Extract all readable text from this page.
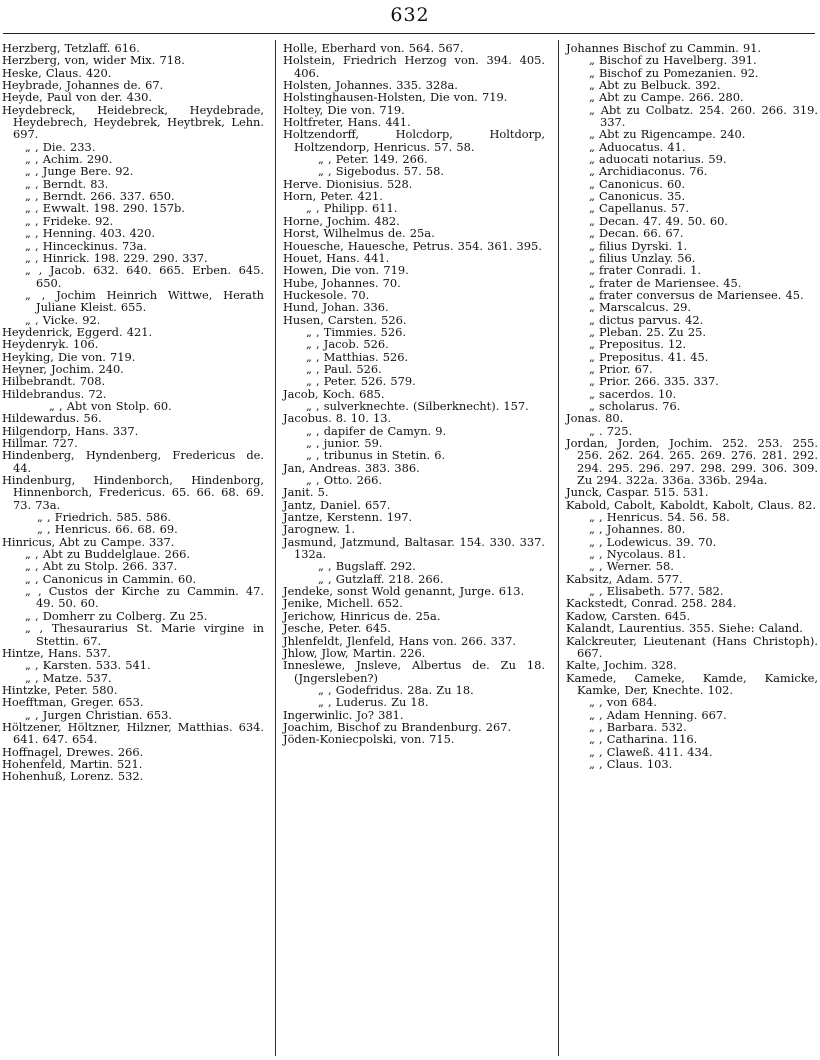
632

Herzberg, Tetzlaff. 616.

Herzberg, von, wider Mix. 718.

Heske, Claus. 420.

Heybrade, Johannes de. 67.

Heyde, Paul von der. 430.

Heydebreck, Heidebreck, Heydebrade, Heydebrech, Heydebrek, Heytbrek, Lehn. 697.

„ , Die. 233.

„ , Achim. 290.

„ , Junge Bere. 92.

„ , Berndt. 83.

„ , Berndt. 266. 337. 650.

„ , Ewwalt. 198. 290. 157b.

„ , Frideke. 92.

„ , Henning. 403. 420.

„ , Hinceckinus. 73a.

„ , Hinrick. 198. 229. 290. 337.

„ , Jacob. 632. 640. 665. Erben. 645. 650.

„ , Jochim Heinrich Wittwe, Herath Juliane Kleist. 655.

„ , Vicke. 92.

Heydenrick, Eggerd. 421.

Heydenryk. 106.

Heyking, Die von. 719.

Heyner, Jochim. 240.

Hilbebrandt. 708.

Hildebrandus. 72.

„ , Abt von Stolp. 60.

Hildewardus. 56.

Hilgendorp, Hans. 337.

Hillmar. 727.

Hindenberg, Hyndenberg, Fredericus de. 44.

Hindenburg, Hindenborch, Hindenborg, Hinnenborch, Fredericus. 65. 66. 68. 69. 73. 73a.

„ , Friedrich. 585. 586.

„ , Henricus. 66. 68. 69.

Hinricus, Abt zu Campe. 337.

„ , Abt zu Buddelglaue. 266.

„ , Abt zu Stolp. 266. 337.

„ , Canonicus in Cammin. 60.

„ , Custos der Kirche zu Cammin. 47. 49. 50. 60.

„ , Domherr zu Colberg. Zu 25.

„ , Thesaurarius St. Marie virgine in Stettin. 67.

Hintze, Hans. 537.

„ , Karsten. 533. 541.

„ , Matze. 537.

Hintzke, Peter. 580.

Hoefftman, Greger. 653.

„ , Jurgen Christian. 653.

Höltzener, Höltzner, Hilzner, Matthias. 634. 641. 647. 654.

Hoffnagel, Drewes. 266.

Hohenfeld, Martin. 521.

Hohenhuß, Lorenz. 532.

Holle, Eberhard von. 564. 567.

Holstein, Friedrich Herzog von. 394. 405. 406.

Holsten, Johannes. 335. 328a.

Holstinghausen-Holsten, Die von. 719.

Holtey, Die von. 719.

Holtfreter, Hans. 441.

Holtzendorff, Holcdorp, Holtdorp, Holtzendorp, Henricus. 57. 58.

„ , Peter. 149. 266.

„ , Sigebodus. 57. 58.

Herve. Dionisius. 528.

Horn, Peter. 421.

„ , Philipp. 611.

Horne, Jochim. 482.

Horst, Wilhelmus de. 25a.

Houesche, Hauesche, Petrus. 354. 361. 395.

Houet, Hans. 441.

Howen, Die von. 719.

Hube, Johannes. 70.

Huckesole. 70.

Hund, Johan. 336.

Husen, Carsten. 526.

„ , Timmies. 526.

„ , Jacob. 526.

„ , Matthias. 526.

„ , Paul. 526.

„ , Peter. 526. 579.

Jacob, Koch. 685.

„ , sulverknechte. (Silberknecht). 157.

Jacobus. 8. 10. 13.

„ , dapifer de Camyn. 9.

„ , junior. 59.

„ , tribunus in Stetin. 6.

Jan, Andreas. 383. 386.

„ , Otto. 266.

Janit. 5.

Jantz, Daniel. 657.

Jantze, Kerstenn. 197.

Jarognew. 1.

Jasmund, Jatzmund, Baltasar. 154. 330. 337. 132a.

„ , Bugslaff. 292.

„ , Gutzlaff. 218. 266.

Jendeke, sonst Wold genannt, Jurge. 613.

Jenike, Michell. 652.

Jerichow, Hinricus de. 25a.

Jesche, Peter. 645.

Jhlenfeldt, Jlenfeld, Hans von. 266. 337.

Jhlow, Jlow, Martin. 226.

Inneslewe, Jnsleve, Albertus de. Zu 18. (Jngersleben?)

„ , Godefridus. 28a. Zu 18.

„ , Luderus. Zu 18.

Ingerwinlic. Jo? 381.

Joachim, Bischof zu Brandenburg. 267.

Jöden-Koniecpolski, von. 715.

Johannes Bischof zu Cammin. 91.

„ Bischof zu Havelberg. 391.

„ Bischof zu Pomezanien. 92.

„ Abt zu Belbuck. 392.

„ Abt zu Campe. 266. 280.

„ Abt zu Colbatz. 254. 260. 266. 319. 337.

„ Abt zu Rigencampe. 240.

„ Aduocatus. 41.

„ aduocati notarius. 59.

„ Archidiaconus. 76.

„ Canonicus. 60.

„ Canonicus. 35.

„ Capellanus. 57.

„ Decan. 47. 49. 50. 60.

„ Decan. 66. 67.

„ filius Dyrski. 1.

„ filius Unzlay. 56.

„ frater Conradi. 1.

„ frater de Mariensee. 45.

„ frater conversus de Mariensee. 45.

„ Marscalcus. 29.

„ dictus parvus. 42.

„ Pleban. 25. Zu 25.

„ Prepositus. 12.

„ Prepositus. 41. 45.

„ Prior. 67.

„ Prior. 266. 335. 337.

„ sacerdos. 10.

„ scholarus. 76.

Jonas. 80.

„ . 725.

Jordan, Jorden, Jochim. 252. 253. 255. 256. 262. 264. 265. 269. 276. 281. 292. 294. 295. 296. 297. 298. 299. 306. 309. Zu 294. 322a. 336a. 336b. 294a.

Junck, Caspar. 515. 531.

Kabold, Cabolt, Kaboldt, Kabolt, Claus. 82.

„ , Henricus. 54. 56. 58.

„ , Johannes. 80.

„ , Lodewicus. 39. 70.

„ , Nycolaus. 81.

„ , Werner. 58.

Kabsitz, Adam. 577.

„ , Elisabeth. 577. 582.

Kackstedt, Conrad. 258. 284.

Kadow, Carsten. 645.

Kalandt, Laurentius. 355. Siehe: Caland.

Kalckreuter, Lieutenant (Hans Christoph). 667.

Kalte, Jochim. 328.

Kamede, Cameke, Kamde, Kamicke, Kamke, Der, Knechte. 102.

„ , von 684.

„ , Adam Henning. 667.

„ , Barbara. 532.

„ , Catharina. 116.

„ , Claweß. 411. 434.

„ , Claus. 103.
